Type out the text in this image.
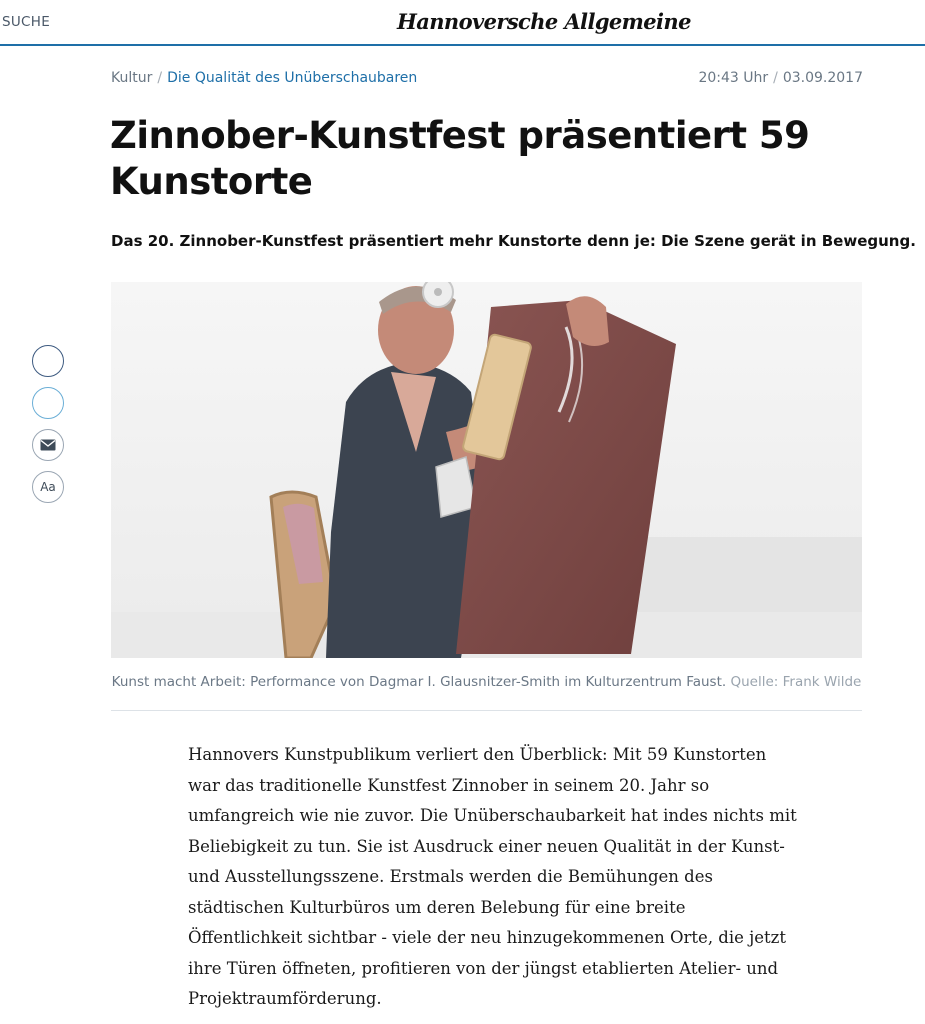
SUCHE	Hannoversche Allgemeine
Kultur / Die Qualität des Unüberschaubaren	20:43 Uhr / 03.09.2017
Zinnober-Kunstfest präsentiert 59 Kunstorte

Das 20. Zinnober-Kunstfest präsentiert mehr Kunstorte denn je: Die Szene gerät in Bewegung.

Aa

Kunst macht Arbeit: Performance von Dagmar I. Glausnitzer-Smith im Kulturzentrum Faust. Quelle: Frank Wilde

Hannovers Kunstpublikum verliert den Überblick: Mit 59 Kunstorten war das traditionelle Kunstfest Zinnober in seinem 20. Jahr so umfangreich wie nie zuvor. Die Unüberschaubarkeit hat indes nichts mit Beliebigkeit zu tun. Sie ist Ausdruck einer neuen Qualität in der Kunst- und Ausstellungsszene. Erstmals werden die Bemühungen des städtischen Kulturbüros um deren Belebung für eine breite Öffentlichkeit sichtbar - viele der neu hinzugekommenen Orte, die jetzt ihre Türen öffneten, profitieren von der jüngst etablierten Atelier- und Projektraumförderung.
